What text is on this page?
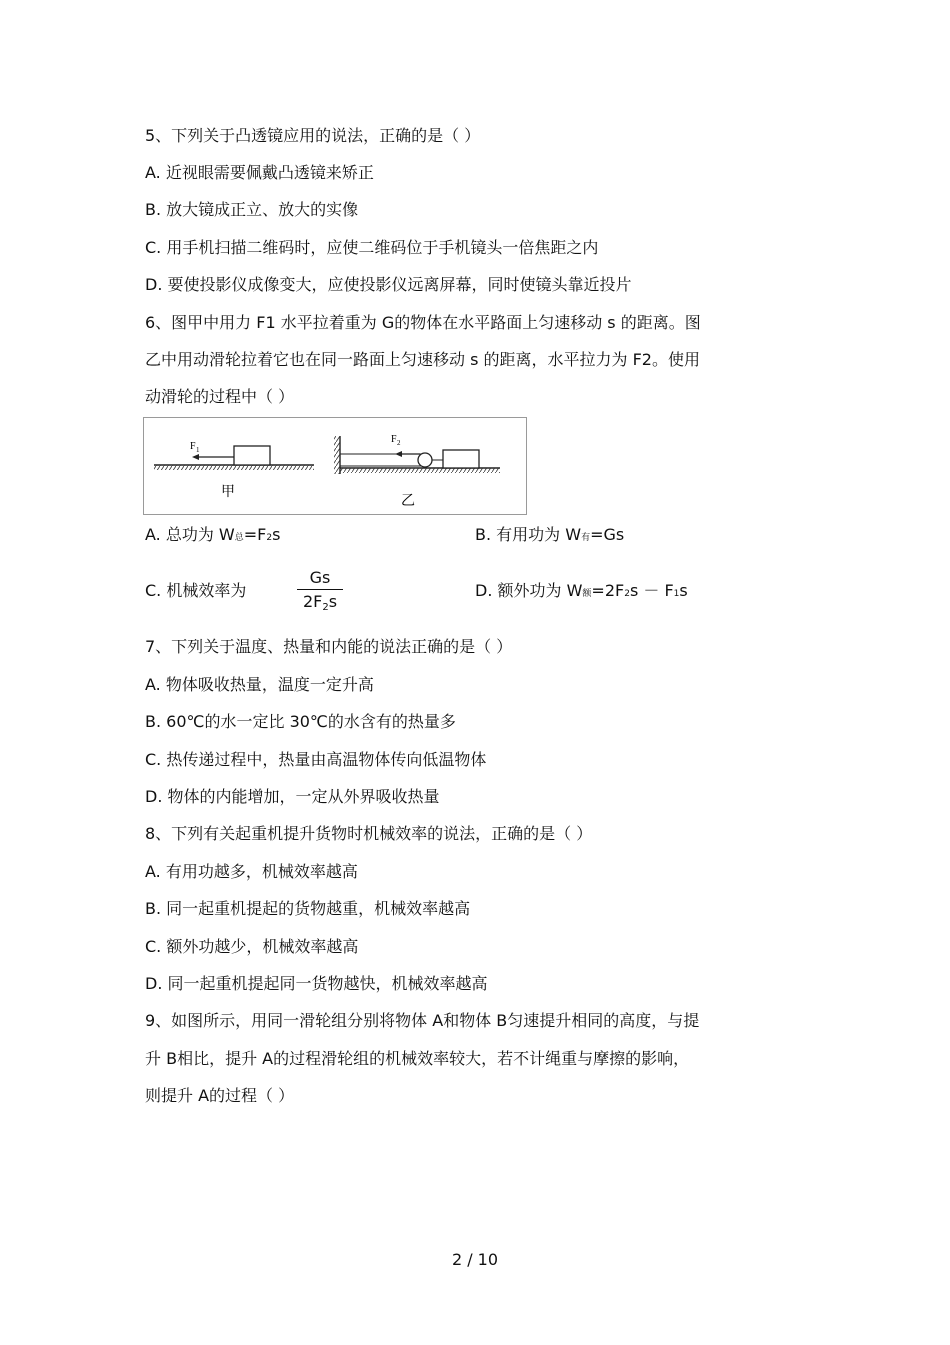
5、下列关于凸透镜应用的说法，正确的是（ ）
A. 近视眼需要佩戴凸透镜来矫正
B. 放大镜成正立、放大的实像
C. 用手机扫描二维码时，应使二维码位于手机镜头一倍焦距之内
D. 要使投影仪成像变大，应使投影仪远离屏幕，同时使镜头靠近投片
6、图甲中用力 F1 水平拉着重为 G的物体在水平路面上匀速移动 s 的距离。图
乙中用动滑轮拉着它也在同一路面上匀速移动 s 的距离，水平拉力为 F2。使用
动滑轮的过程中（ ）
F 1
F 2
甲
乙
A. 总功为 W总=F2s	B. 有用功为 W有=Gs
C. 机械效率为
Gs
2F2s
D. 额外功为 W额=2F2s － F1s
7、下列关于温度、热量和内能的说法正确的是（ ）
A. 物体吸收热量，温度一定升高
B. 60℃的水一定比 30℃的水含有的热量多
C. 热传递过程中，热量由高温物体传向低温物体
D. 物体的内能增加，一定从外界吸收热量
8、下列有关起重机提升货物时机械效率的说法，正确的是（ ）
A. 有用功越多，机械效率越高
B. 同一起重机提起的货物越重，机械效率越高
C. 额外功越少，机械效率越高
D. 同一起重机提起同一货物越快，机械效率越高
9、如图所示，用同一滑轮组分别将物体 A和物体 B匀速提升相同的高度，与提
升 B相比，提升 A的过程滑轮组的机械效率较大，若不计绳重与摩擦的影响，
则提升 A的过程（ ）
2 / 10
